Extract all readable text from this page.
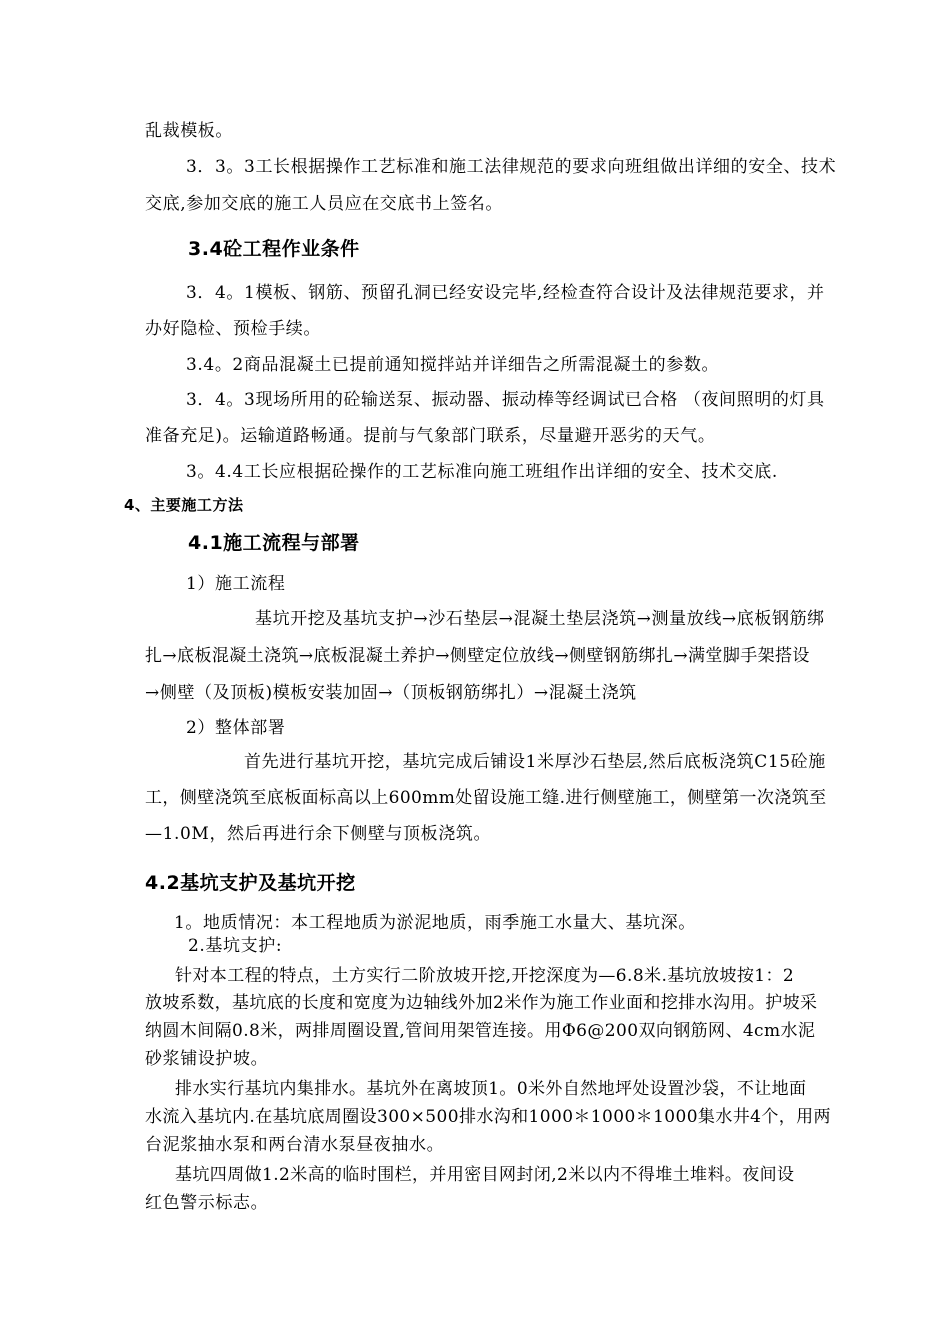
乱裁模板。
3．3。3工长根据操作工艺标准和施工法律规范的要求向班组做出详细的安全、技术
交底,参加交底的施工人员应在交底书上签名。
3.4砼工程作业条件
3．4。1模板、钢筋、预留孔洞已经安设完毕,经检查符合设计及法律规范要求，并
办好隐检、预检手续。
3.4。2商品混凝土已提前通知搅拌站并详细告之所需混凝土的参数。
3．4。3现场所用的砼输送泵、振动器、振动棒等经调试已合格 （夜间照明的灯具
准备充足)。运输道路畅通。提前与气象部门联系，尽量避开恶劣的天气。
3。4.4工长应根据砼操作的工艺标准向施工班组作出详细的安全、技术交底.
4、主要施工方法
4.1施工流程与部署
1）施工流程
基坑开挖及基坑支护→沙石垫层→混凝土垫层浇筑→测量放线→底板钢筋绑
扎→底板混凝土浇筑→底板混凝土养护→侧壁定位放线→侧壁钢筋绑扎→满堂脚手架搭设
→侧壁（及顶板)模板安装加固→（顶板钢筋绑扎）→混凝土浇筑
2）整体部署
首先进行基坑开挖，基坑完成后铺设1米厚沙石垫层,然后底板浇筑C15砼施
工，侧壁浇筑至底板面标高以上600mm处留设施工缝.进行侧壁施工，侧壁第一次浇筑至
—1.0M，然后再进行余下侧壁与顶板浇筑。
4.2基坑支护及基坑开挖
1。地质情况：本工程地质为淤泥地质，雨季施工水量大、基坑深。
2.基坑支护:
针对本工程的特点，土方实行二阶放坡开挖,开挖深度为—6.8米.基坑放坡按1：2
放坡系数，基坑底的长度和宽度为边轴线外加2米作为施工作业面和挖排水沟用。护坡采
纳圆木间隔0.8米，两排周圈设置,管间用架管连接。用Φ6@200双向钢筋网、4cm水泥
砂浆铺设护坡。
排水实行基坑内集排水。基坑外在离坡顶1。0米外自然地坪处设置沙袋，不让地面
水流入基坑内.在基坑底周圈设300×500排水沟和1000＊1000＊1000集水井4个，用两
台泥浆抽水泵和两台清水泵昼夜抽水。
基坑四周做1.2米高的临时围栏，并用密目网封闭,2米以内不得堆土堆料。夜间设
红色警示标志。
